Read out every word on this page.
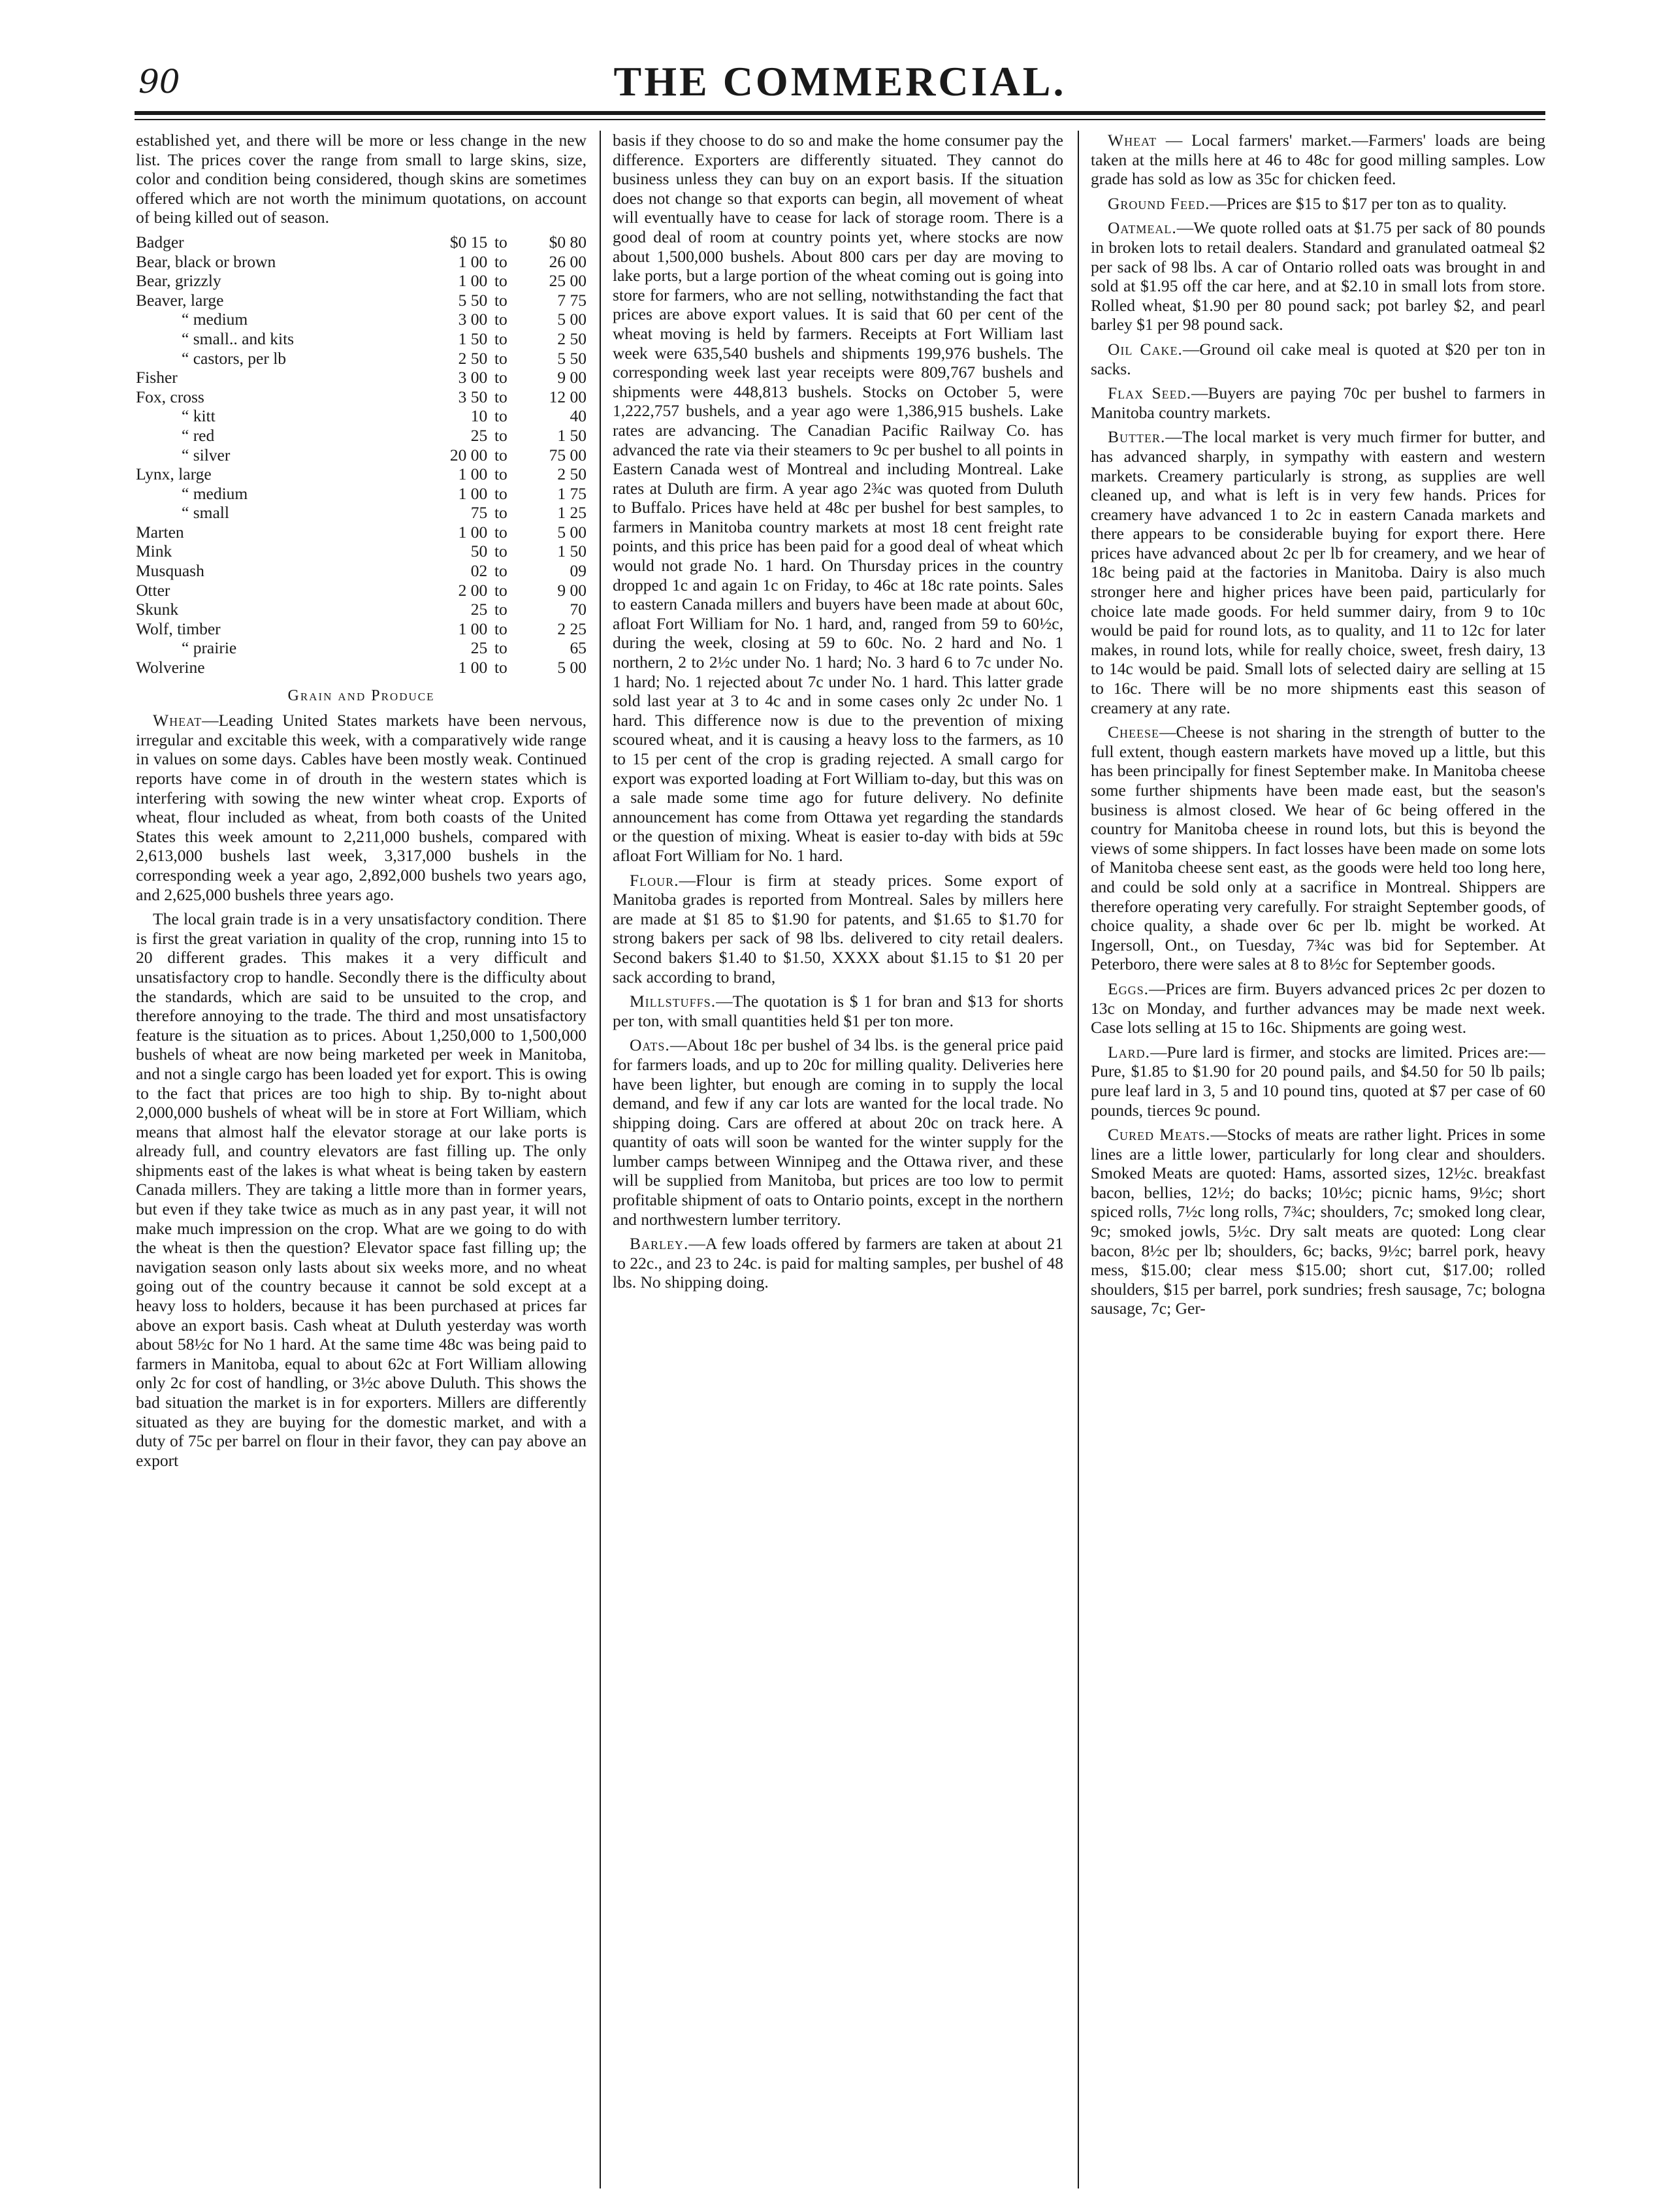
90	THE COMMERCIAL.

established yet, and there will be more or less change in the new list. The prices cover the range from small to large skins, size, color and condition being considered, though skins are sometimes offered which are not worth the minimum quotations, on account of being killed out of season.

Badger	$0 15	to	$0 80
Bear, black or brown	1 00	to	26 00
Bear, grizzly	1 00	to	25 00
Beaver, large	5 50	to	7 75
“ medium	3 00	to	5 00
“ small.. and kits	1 50	to	2 50
“ castors, per lb	2 50	to	5 50
Fisher	3 00	to	9 00
Fox, cross	3 50	to	12 00
“ kitt	10	to	40
“ red	25	to	1 50
“ silver	20 00	to	75 00
Lynx, large	1 00	to	2 50
“ medium	1 00	to	1 75
“ small	75	to	1 25
Marten	1 00	to	5 00
Mink	50	to	1 50
Musquash	02	to	09
Otter	2 00	to	9 00
Skunk	25	to	70
Wolf, timber	1 00	to	2 25
“ prairie	25	to	65
Wolverine	1 00	to	5 00
Grain and Produce

Wheat—Leading United States markets have been nervous, irregular and excitable this week, with a comparatively wide range in values on some days. Cables have been mostly weak. Continued reports have come in of drouth in the western states which is interfering with sowing the new winter wheat crop. Exports of wheat, flour included as wheat, from both coasts of the United States this week amount to 2,211,000 bushels, compared with 2,613,000 bushels last week, 3,317,000 bushels in the corresponding week a year ago, 2,892,000 bushels two years ago, and 2,625,000 bushels three years ago.

The local grain trade is in a very unsatisfactory condition. There is first the great variation in quality of the crop, running into 15 to 20 different grades. This makes it a very difficult and unsatisfactory crop to handle. Secondly there is the difficulty about the standards, which are said to be unsuited to the crop, and therefore annoying to the trade. The third and most unsatisfactory feature is the situation as to prices. About 1,250,000 to 1,500,000 bushels of wheat are now being marketed per week in Manitoba, and not a single cargo has been loaded yet for export. This is owing to the fact that prices are too high to ship. By to-night about 2,000,000 bushels of wheat will be in store at Fort William, which means that almost half the elevator storage at our lake ports is already full, and country elevators are fast filling up. The only shipments east of the lakes is what wheat is being taken by eastern Canada millers. They are taking a little more than in former years, but even if they take twice as much as in any past year, it will not make much impression on the crop. What are we going to do with the wheat is then the question? Elevator space fast filling up; the navigation season only lasts about six weeks more, and no wheat going out of the country because it cannot be sold except at a heavy loss to holders, because it has been purchased at prices far above an export basis. Cash wheat at Duluth yesterday was worth about 58½c for No 1 hard. At the same time 48c was being paid to farmers in Manitoba, equal to about 62c at Fort William allowing only 2c for cost of handling, or 3½c above Duluth. This shows the bad situation the market is in for exporters. Millers are differently situated as they are buying for the domestic market, and with a duty of 75c per barrel on flour in their favor, they can pay above an export

basis if they choose to do so and make the home consumer pay the difference. Exporters are differently situated. They cannot do business unless they can buy on an export basis. If the situation does not change so that exports can begin, all movement of wheat will eventually have to cease for lack of storage room. There is a good deal of room at country points yet, where stocks are now about 1,500,000 bushels. About 800 cars per day are moving to lake ports, but a large portion of the wheat coming out is going into store for farmers, who are not selling, notwithstanding the fact that prices are above export values. It is said that 60 per cent of the wheat moving is held by farmers. Receipts at Fort William last week were 635,540 bushels and shipments 199,976 bushels. The corresponding week last year receipts were 809,767 bushels and shipments were 448,813 bushels. Stocks on October 5, were 1,222,757 bushels, and a year ago were 1,386,915 bushels. Lake rates are advancing. The Canadian Pacific Railway Co. has advanced the rate via their steamers to 9c per bushel to all points in Eastern Canada west of Montreal and including Montreal. Lake rates at Duluth are firm. A year ago 2¾c was quoted from Duluth to Buffalo. Prices have held at 48c per bushel for best samples, to farmers in Manitoba country markets at most 18 cent freight rate points, and this price has been paid for a good deal of wheat which would not grade No. 1 hard. On Thursday prices in the country dropped 1c and again 1c on Friday, to 46c at 18c rate points. Sales to eastern Canada millers and buyers have been made at about 60c, afloat Fort William for No. 1 hard, and, ranged from 59 to 60½c, during the week, closing at 59 to 60c. No. 2 hard and No. 1 northern, 2 to 2½c under No. 1 hard; No. 3 hard 6 to 7c under No. 1 hard; No. 1 rejected about 7c under No. 1 hard. This latter grade sold last year at 3 to 4c and in some cases only 2c under No. 1 hard. This difference now is due to the prevention of mixing scoured wheat, and it is causing a heavy loss to the farmers, as 10 to 15 per cent of the crop is grading rejected. A small cargo for export was exported loading at Fort William to-day, but this was on a sale made some time ago for future delivery. No definite announcement has come from Ottawa yet regarding the standards or the question of mixing. Wheat is easier to-day with bids at 59c afloat Fort William for No. 1 hard.

Flour.—Flour is firm at steady prices. Some export of Manitoba grades is reported from Montreal. Sales by millers here are made at $1 85 to $1.90 for patents, and $1.65 to $1.70 for strong bakers per sack of 98 lbs. delivered to city retail dealers. Second bakers $1.40 to $1.50, XXXX about $1.15 to $1 20 per sack according to brand,

Millstuffs.—The quotation is $ 1 for bran and $13 for shorts per ton, with small quantities held $1 per ton more.

Oats.—About 18c per bushel of 34 lbs. is the general price paid for farmers loads, and up to 20c for milling quality. Deliveries here have been lighter, but enough are coming in to supply the local demand, and few if any car lots are wanted for the local trade. No shipping doing. Cars are offered at about 20c on track here. A quantity of oats will soon be wanted for the winter supply for the lumber camps between Winnipeg and the Ottawa river, and these will be supplied from Manitoba, but prices are too low to permit profitable shipment of oats to Ontario points, except in the northern and northwestern lumber territory.

Barley.—A few loads offered by farmers are taken at about 21 to 22c., and 23 to 24c. is paid for malting samples, per bushel of 48 lbs. No shipping doing.

Wheat — Local farmers' market.—Farmers' loads are being taken at the mills here at 46 to 48c for good milling samples. Low grade has sold as low as 35c for chicken feed.

Ground Feed.—Prices are $15 to $17 per ton as to quality.

Oatmeal.—We quote rolled oats at $1.75 per sack of 80 pounds in broken lots to retail dealers. Standard and granulated oatmeal $2 per sack of 98 lbs. A car of Ontario rolled oats was brought in and sold at $1.95 off the car here, and at $2.10 in small lots from store. Rolled wheat, $1.90 per 80 pound sack; pot barley $2, and pearl barley $1 per 98 pound sack.

Oil Cake.—Ground oil cake meal is quoted at $20 per ton in sacks.

Flax Seed.—Buyers are paying 70c per bushel to farmers in Manitoba country markets.

Butter.—The local market is very much firmer for butter, and has advanced sharply, in sympathy with eastern and western markets. Creamery particularly is strong, as supplies are well cleaned up, and what is left is in very few hands. Prices for creamery have advanced 1 to 2c in eastern Canada markets and there appears to be considerable buying for export there. Here prices have advanced about 2c per lb for creamery, and we hear of 18c being paid at the factories in Manitoba. Dairy is also much stronger here and higher prices have been paid, particularly for choice late made goods. For held summer dairy, from 9 to 10c would be paid for round lots, as to quality, and 11 to 12c for later makes, in round lots, while for really choice, sweet, fresh dairy, 13 to 14c would be paid. Small lots of selected dairy are selling at 15 to 16c. There will be no more shipments east this season of creamery at any rate.

Cheese—Cheese is not sharing in the strength of butter to the full extent, though eastern markets have moved up a little, but this has been principally for finest September make. In Manitoba cheese some further shipments have been made east, but the season's business is almost closed. We hear of 6c being offered in the country for Manitoba cheese in round lots, but this is beyond the views of some shippers. In fact losses have been made on some lots of Manitoba cheese sent east, as the goods were held too long here, and could be sold only at a sacrifice in Montreal. Shippers are therefore operating very carefully. For straight September goods, of choice quality, a shade over 6c per lb. might be worked. At Ingersoll, Ont., on Tuesday, 7¾c was bid for September. At Peterboro, there were sales at 8 to 8½c for September goods.

Eggs.—Prices are firm. Buyers advanced prices 2c per dozen to 13c on Monday, and further advances may be made next week. Case lots selling at 15 to 16c. Shipments are going west.

Lard.—Pure lard is firmer, and stocks are limited. Prices are:—Pure, $1.85 to $1.90 for 20 pound pails, and $4.50 for 50 lb pails; pure leaf lard in 3, 5 and 10 pound tins, quoted at $7 per case of 60 pounds, tierces 9c pound.

Cured Meats.—Stocks of meats are rather light. Prices in some lines are a little lower, particularly for long clear and shoulders. Smoked Meats are quoted: Hams, assorted sizes, 12½c. breakfast bacon, bellies, 12½; do backs; 10½c; picnic hams, 9½c; short spiced rolls, 7½c long rolls, 7¾c; shoulders, 7c; smoked long clear, 9c; smoked jowls, 5½c. Dry salt meats are quoted: Long clear bacon, 8½c per lb; shoulders, 6c; backs, 9½c; barrel pork, heavy mess, $15.00; clear mess $15.00; short cut, $17.00; rolled shoulders, $15 per barrel, pork sundries; fresh sausage, 7c; bologna sausage, 7c; Ger-
